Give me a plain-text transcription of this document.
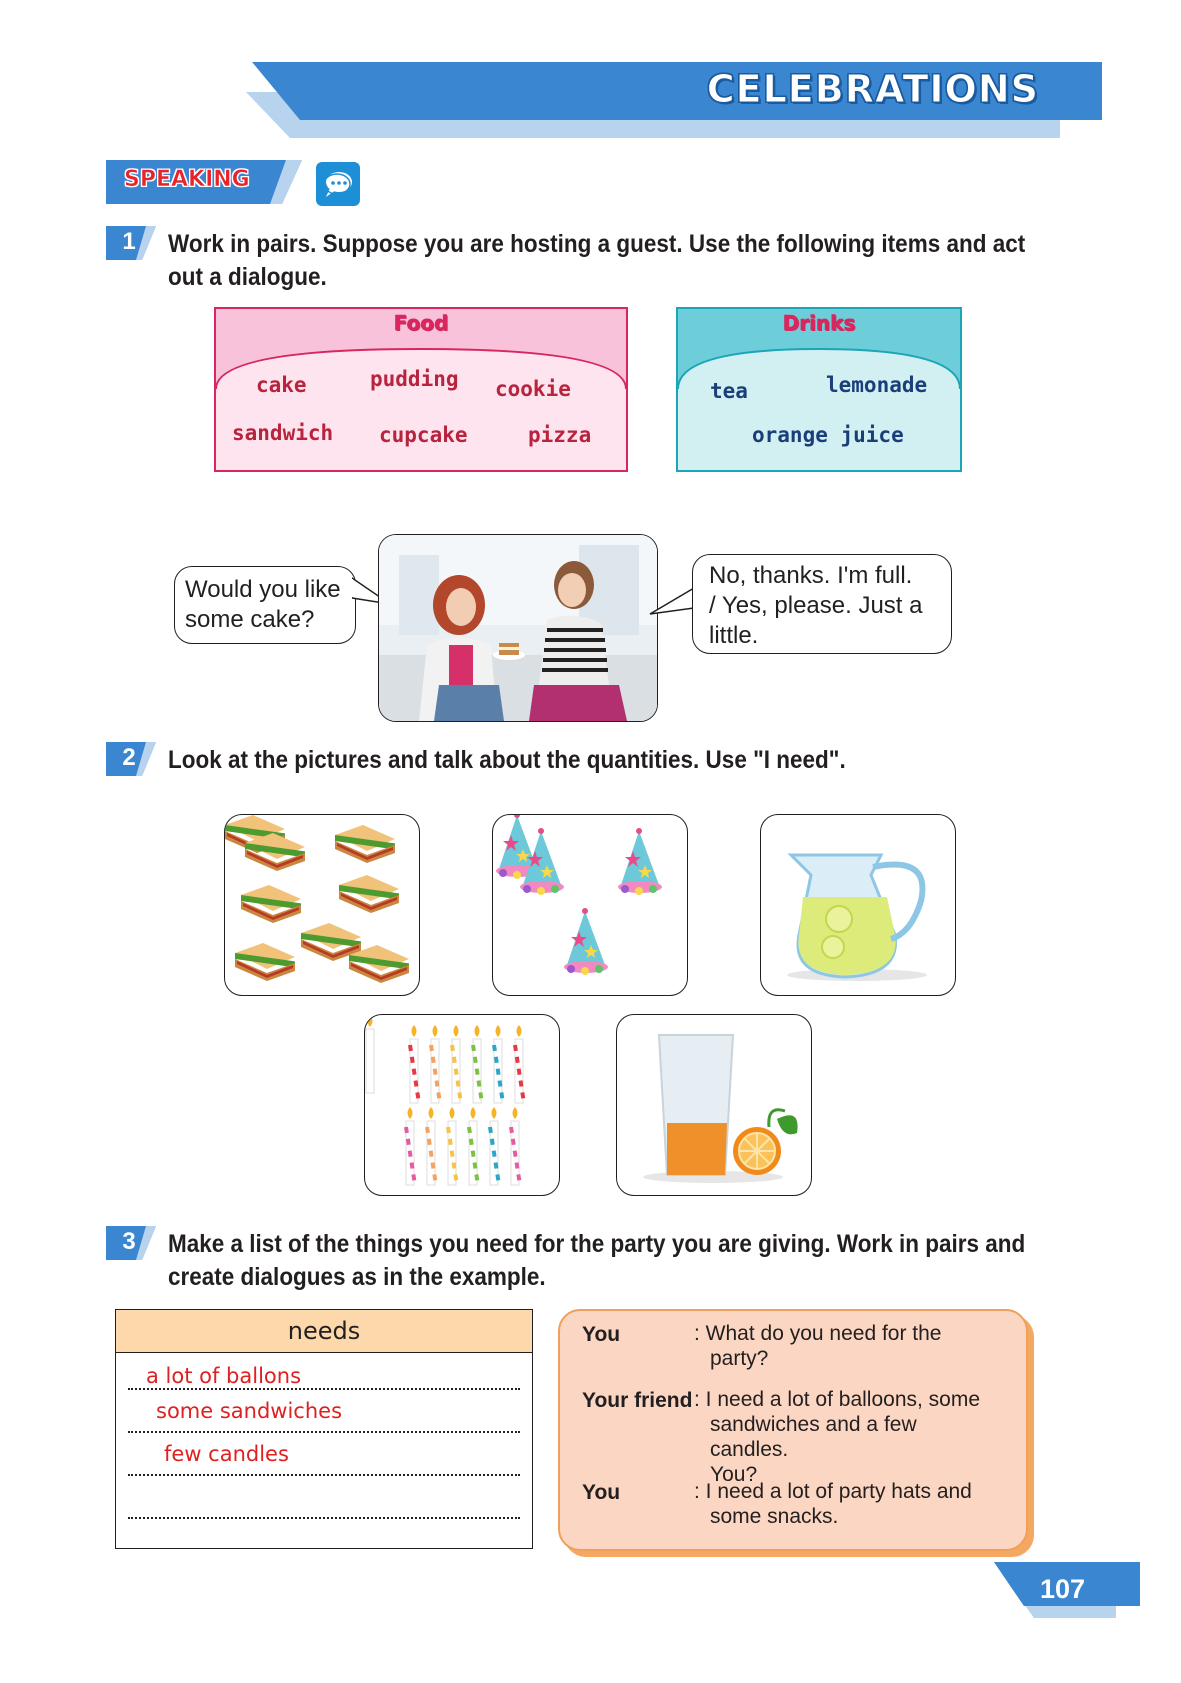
CELEBRATIONS
SPEAKING
1 Work in pairs. Suppose you are hosting a guest. Use the following items and act
out a dialogue.
Food
cake	pudding cookie
sandwich cupcake	pizza
Drinks
tea	lemonade
orange juice
Would you like
some cake?
No, thanks. I'm full.
/ Yes, please. Just a
little.
2 Look at the pictures and talk about the quantities. Use "I need".
3 Make a list of the things you need for the party you are giving. Work in pairs and
create dialogues as in the example.
needs
a lot of ballons
some sandwiches
few candles
You	: What do you need for the
party?
Your friend : I need a lot of balloons, some
sandwiches and a few candles.
You?
You	: I need a lot of party hats and
some snacks.
107
